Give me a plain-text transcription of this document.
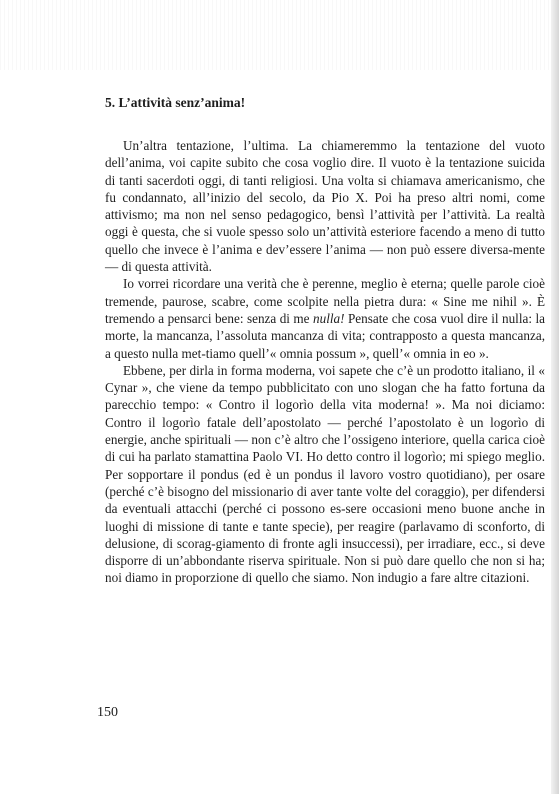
5. L’attività senz’anima!

Un’altra tentazione, l’ultima. La chiameremmo la tentazione del vuoto dell’anima, voi capite subito che cosa voglio dire. Il vuoto è la tentazione suicida di tanti sacerdoti oggi, di tanti religiosi. Una volta si chiamava americanismo, che fu condannato, all’inizio del secolo, da Pio X. Poi ha preso altri nomi, come attivismo; ma non nel senso pedagogico, bensì l’attività per l’attività. La realtà oggi è questa, che si vuole spesso solo un’attività esteriore facendo a meno di tutto quello che invece è l’anima e dev’essere l’anima — non può essere diversa-mente — di questa attività.

Io vorrei ricordare una verità che è perenne, meglio è eterna; quelle parole cioè tremende, paurose, scabre, come scolpite nella pietra dura: « Sine me nihil ». È tremendo a pensarci bene: senza di me nulla! Pensate che cosa vuol dire il nulla: la morte, la mancanza, l’assoluta mancanza di vita; contrapposto a questa mancanza, a questo nulla met-tiamo quell’« omnia possum », quell’« omnia in eo ».

Ebbene, per dirla in forma moderna, voi sapete che c’è un prodotto italiano, il « Cynar », che viene da tempo pubblicitato con uno slogan che ha fatto fortuna da parecchio tempo: « Contro il logorìo della vita moderna! ». Ma noi diciamo: Contro il logorìo fatale dell’apostolato — perché l’apostolato è un logorìo di energie, anche spirituali — non c’è altro che l’ossigeno interiore, quella carica cioè di cui ha parlato stamattina Paolo VI. Ho detto contro il logorìo; mi spiego meglio. Per sopportare il pondus (ed è un pondus il lavoro vostro quotidiano), per osare (perché c’è bisogno del missionario di aver tante volte del coraggio), per difendersi da eventuali attacchi (perché ci possono es-sere occasioni meno buone anche in luoghi di missione di tante e tante specie), per reagire (parlavamo di sconforto, di delusione, di scorag-giamento di fronte agli insuccessi), per irradiare, ecc., si deve disporre di un’abbondante riserva spirituale. Non si può dare quello che non si ha; noi diamo in proporzione di quello che siamo. Non indugio a fare altre citazioni.

150
